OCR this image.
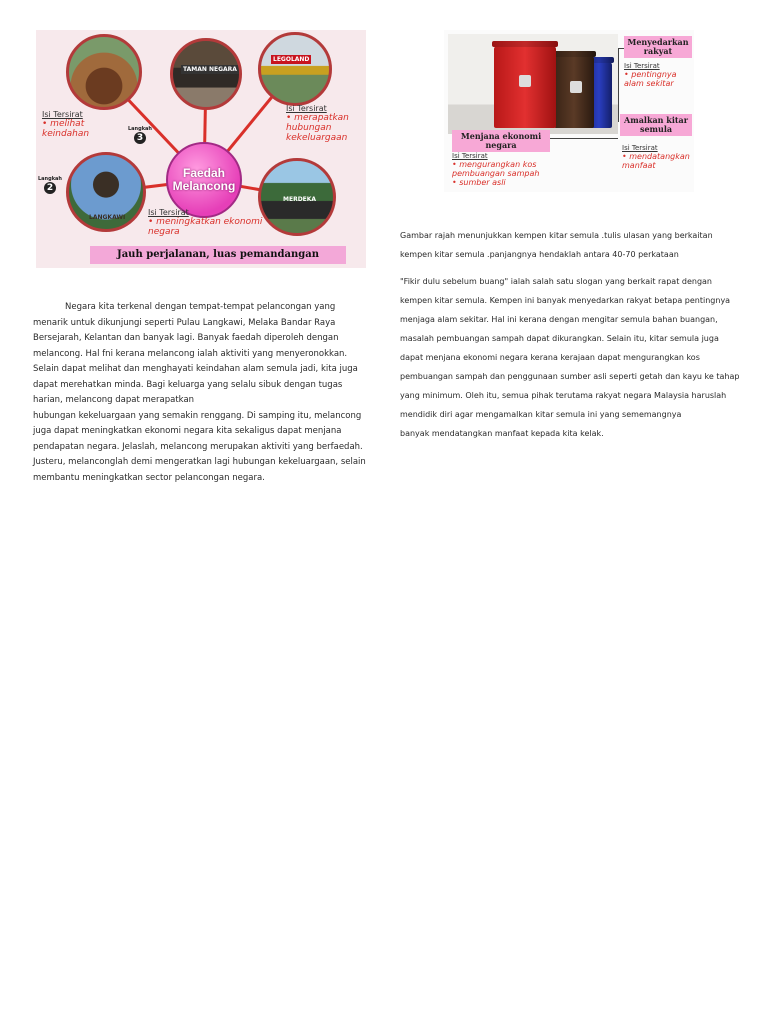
TAMAN NEGARA
LEGOLAND
LANGKAWI
MERDEKA
Faedah
Melancong
Isi Tersirat
• melihat keindahan
Isi Tersirat
• merapatkan hubungan kekeluargaan
Isi Tersirat
• meningkatkan ekonomi negara
Langkah
3
Langkah
2
Jauh perjalanan, luas pemandangan
Menyedarkan rakyat
Isi Tersirat
• pentingnya alam sekitar
Amalkan kitar semula
Isi Tersirat
• mendatangkan manfaat
Menjana ekonomi negara
Isi Tersirat
• mengurangkan kos pembuangan sampah
• sumber asli
Negara kita terkenal dengan tempat-tempat pelancongan yang menarik untuk dikunjungi seperti Pulau Langkawi, Melaka Bandar Raya Bersejarah, Kelantan dan banyak lagi. Banyak faedah diperoleh dengan melancong. Hal fni kerana melancong ialah aktiviti yang menyeronokkan. Selain dapat melihat dan menghayati keindahan alam semula jadi, kita juga dapat merehatkan minda. Bagi keluarga yang selalu sibuk dengan tugas harian, melancong dapat merapatkan
hubungan kekeluargaan yang semakin renggang. Di samping itu, melancong juga dapat meningkatkan ekonomi negara kita sekaligus dapat menjana pendapatan negara. Jelaslah, melancong merupakan aktiviti yang berfaedah. Justeru, melanconglah demi mengeratkan lagi hubungan kekeluargaan, selain membantu meningkatkan sector pelancongan negara.

Gambar rajah menunjukkan kempen kitar semula .tulis ulasan yang berkaitan kempen kitar semula .panjangnya hendaklah antara 40-70 perkataan

"Fikir dulu sebelum buang" ialah salah satu slogan yang berkait rapat dengan kempen kitar semula. Kempen ini banyak menyedarkan rakyat betapa pentingnya menjaga alam sekitar. Hal ini kerana dengan mengitar semula bahan buangan, masalah pembuangan sampah dapat dikurangkan. Selain itu, kitar semula juga dapat menjana ekonomi negara kerana kerajaan dapat mengurangkan kos pembuangan sampah dan penggunaan sumber asli seperti getah dan kayu ke tahap yang minimum. Oleh itu, semua pihak terutama rakyat negara Malaysia haruslah mendidik diri agar mengamalkan kitar semula ini yang sememangnya

banyak mendatangkan manfaat kepada kita kelak.
